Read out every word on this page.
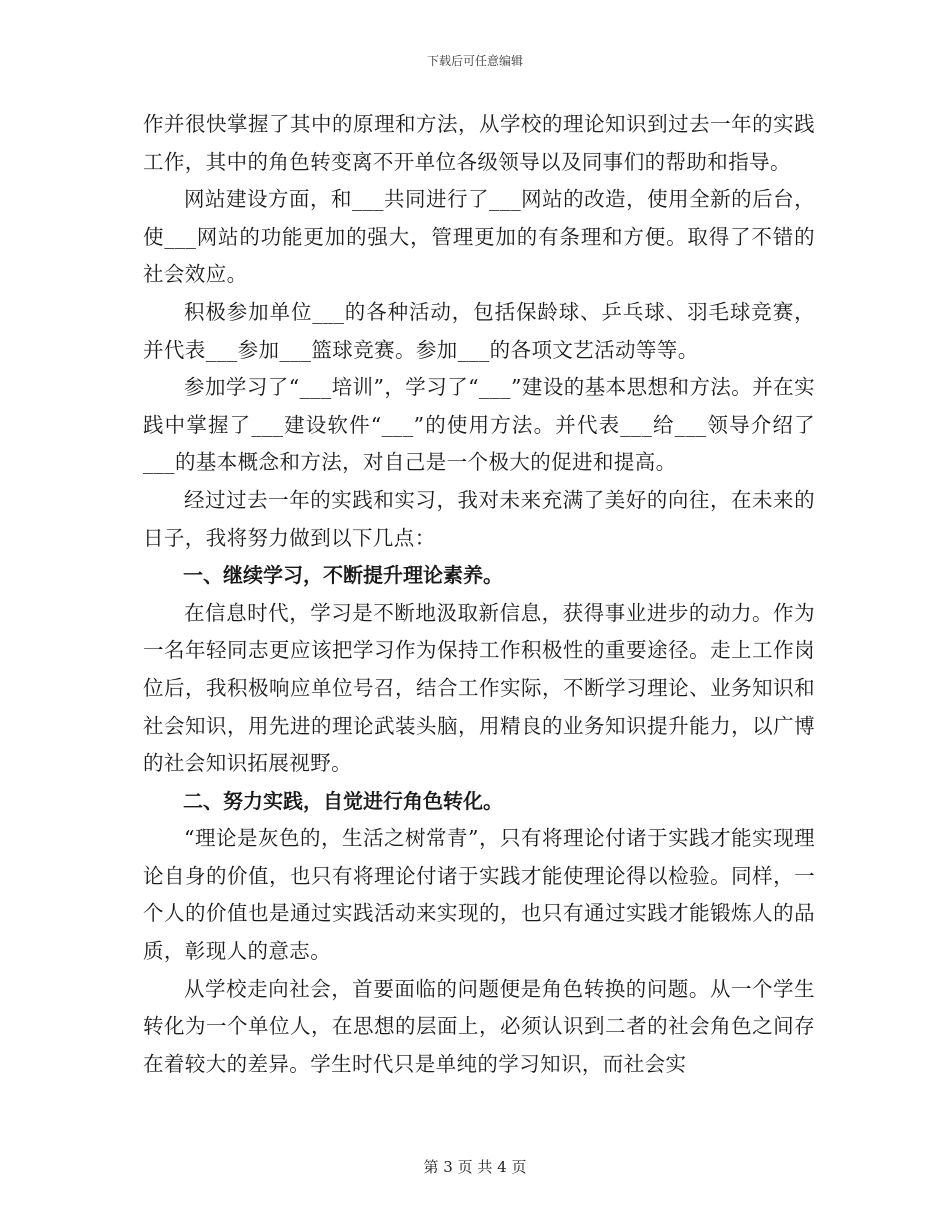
下载后可任意编辑

作并很快掌握了其中的原理和方法，从学校的理论知识到过去一年的实践工作，其中的角色转变离不开单位各级领导以及同事们的帮助和指导。

网站建设方面，和___共同进行了___网站的改造，使用全新的后台，使___网站的功能更加的强大，管理更加的有条理和方便。取得了不错的社会效应。

积极参加单位___的各种活动，包括保龄球、乒乓球、羽毛球竞赛，并代表___参加___篮球竞赛。参加___的各项文艺活动等等。

参加学习了“___培训”，学习了“___”建设的基本思想和方法。并在实践中掌握了___建设软件“___”的使用方法。并代表___给___领导介绍了___的基本概念和方法，对自己是一个极大的促进和提高。

经过过去一年的实践和实习，我对未来充满了美好的向往，在未来的日子，我将努力做到以下几点：

一、继续学习，不断提升理论素养。

在信息时代，学习是不断地汲取新信息，获得事业进步的动力。作为一名年轻同志更应该把学习作为保持工作积极性的重要途径。走上工作岗位后，我积极响应单位号召，结合工作实际，不断学习理论、业务知识和社会知识，用先进的理论武装头脑，用精良的业务知识提升能力，以广博的社会知识拓展视野。

二、努力实践，自觉进行角色转化。

“理论是灰色的，生活之树常青”，只有将理论付诸于实践才能实现理论自身的价值，也只有将理论付诸于实践才能使理论得以检验。同样，一个人的价值也是通过实践活动来实现的，也只有通过实践才能锻炼人的品质，彰现人的意志。

从学校走向社会，首要面临的问题便是角色转换的问题。从一个学生转化为一个单位人，在思想的层面上，必须认识到二者的社会角色之间存在着较大的差异。学生时代只是单纯的学习知识，而社会实

第 3 页 共 4 页
